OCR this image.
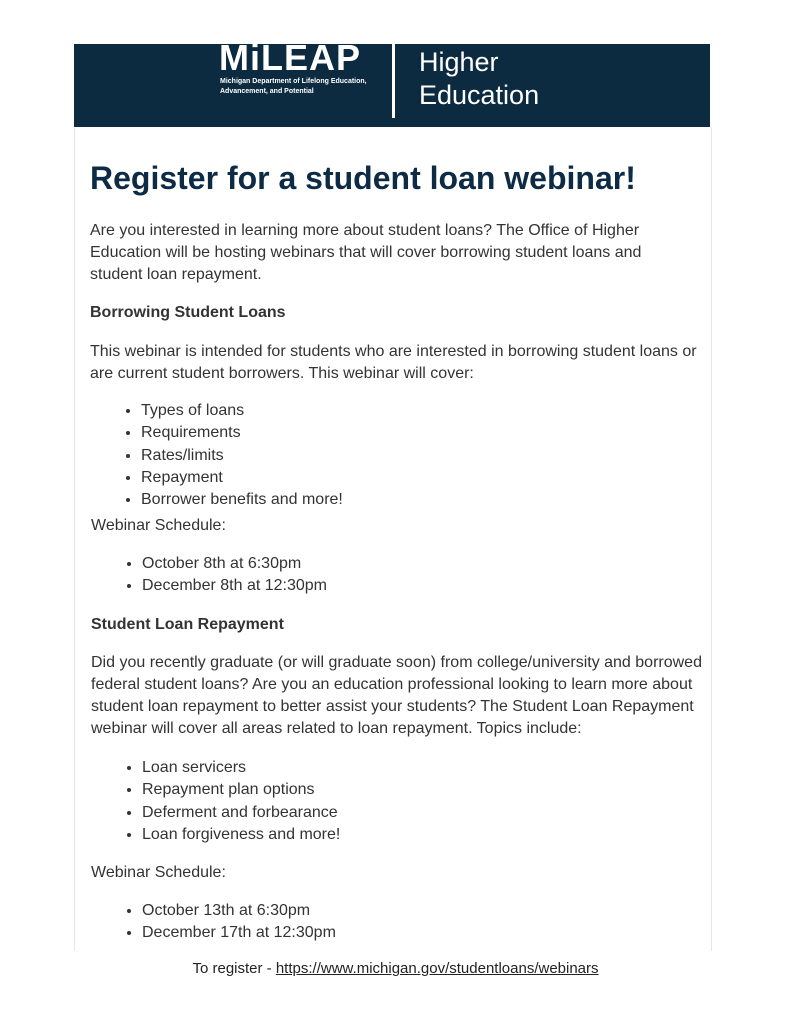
MiLEAP
Michigan Department of Lifelong Education, Advancement, and Potential
Higher Education
Register for a student loan webinar!

Are you interested in learning more about student loans? The Office of Higher Education will be hosting webinars that will cover borrowing student loans and student loan repayment.

Borrowing Student Loans

This webinar is intended for students who are interested in borrowing student loans or are current student borrowers. This webinar will cover:

• Types of loans
• Requirements
• Rates/limits
• Repayment
• Borrower benefits and more!

Webinar Schedule:

• October 8th at 6:30pm
• December 8th at 12:30pm

Student Loan Repayment

Did you recently graduate (or will graduate soon) from college/university and borrowed federal student loans? Are you an education professional looking to learn more about student loan repayment to better assist your students? The Student Loan Repayment webinar will cover all areas related to loan repayment. Topics include:

• Loan servicers
• Repayment plan options
• Deferment and forbearance
• Loan forgiveness and more!

Webinar Schedule:

• October 13th at 6:30pm
• December 17th at 12:30pm
To register - https://www.michigan.gov/studentloans/webinars
